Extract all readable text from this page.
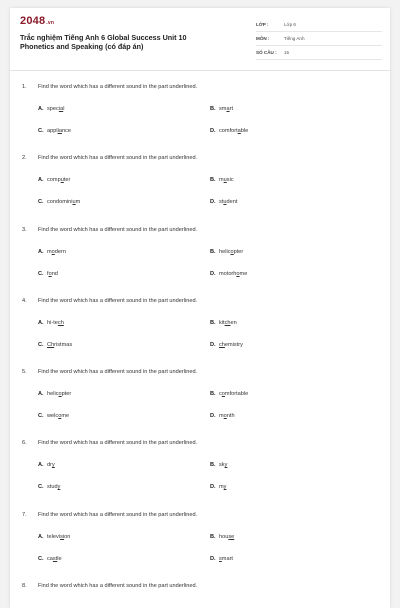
2048.vn
Trắc nghiệm Tiếng Anh 6 Global Success Unit 10
Phonetics and Speaking (có đáp án)
LỚP :	Lớp 6
MÔN :	Tiếng Anh
SỐ CÂU :	15
1. Find the word which has a different sound in the part underlined.
A. special	B. smart
C. appliance	D. comfortable
2. Find the word which has a different sound in the part underlined.
A. computer	B. music
C. condominium	D. student
3. Find the word which has a different sound in the part underlined.
A. modern	B. helicopter
C. fond	D. motorhome
4. Find the word which has a different sound in the part underlined.
A. hi-tech	B. kitchen
C. Christmas	D. chemistry
5. Find the word which has a different sound in the part underlined.
A. helicopter	B. comfortable
C. welcome	D. month
6. Find the word which has a different sound in the part underlined.
A. dry	B. sky
C. study	D. my
7. Find the word which has a different sound in the part underlined.
A. television	B. house
C. castle	D. smart
8. Find the word which has a different sound in the part underlined.
